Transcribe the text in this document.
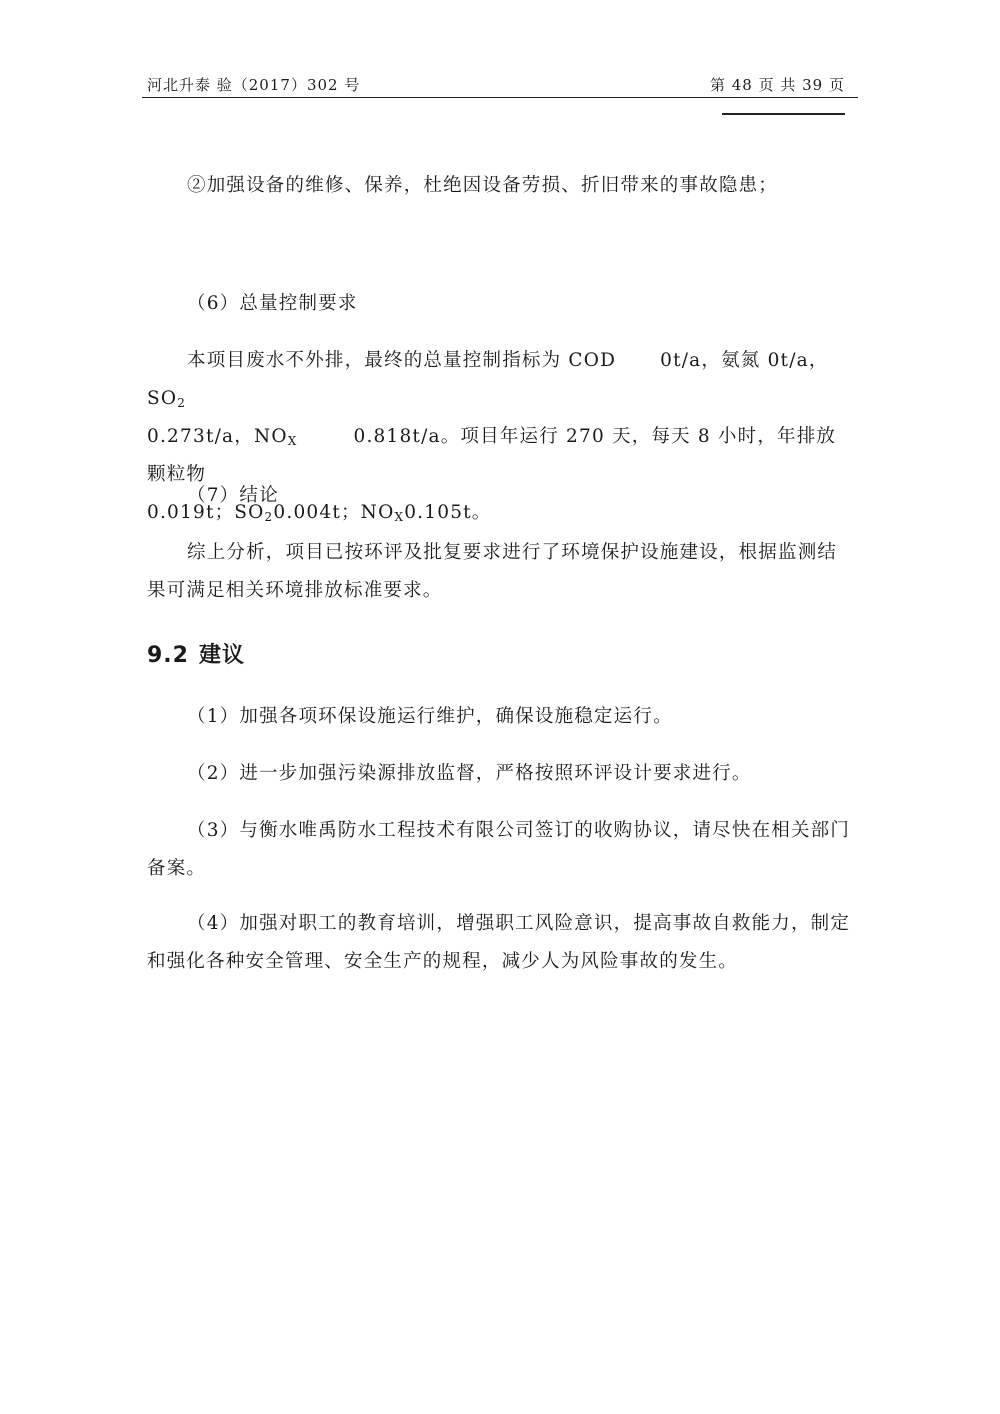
河北升泰 验（2017）302 号	第 48 页 共 39 页

②加强设备的维修、保养，杜绝因设备劳损、折旧带来的事故隐患；

（6）总量控制要求

本项目废水不外排，最终的总量控制指标为 COD 0t/a，氨氮 0t/a，$SO_2$
0.273t/a，$NO_X$	0.818t/a。项目年运行 270 天，每天 8 小时，年排放颗粒物
0.019t；$SO_20.004t$；$NO_X0.105t$。

（7）结论

综上分析，项目已按环评及批复要求进行了环境保护设施建设，根据监测结果可满足相关环境排放标准要求。

9.2 建议

（1）加强各项环保设施运行维护，确保设施稳定运行。

（2）进一步加强污染源排放监督，严格按照环评设计要求进行。

（3）与衡水唯禹防水工程技术有限公司签订的收购协议，请尽快在相关部门备案。

（4）加强对职工的教育培训，增强职工风险意识，提高事故自救能力，制定和强化各种安全管理、安全生产的规程，减少人为风险事故的发生。
